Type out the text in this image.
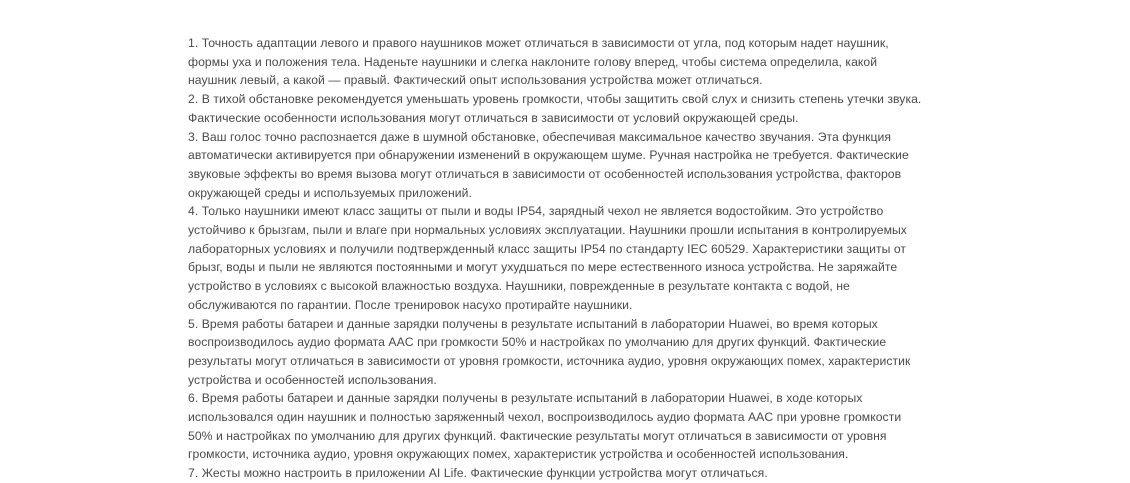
1. Точность адаптации левого и правого наушников может отличаться в зависимости от угла, под которым надет наушник, формы уха и положения тела. Наденьте наушники и слегка наклоните голову вперед, чтобы система определила, какой наушник левый, а какой — правый. Фактический опыт использования устройства может отличаться.

2. В тихой обстановке рекомендуется уменьшать уровень громкости, чтобы защитить свой слух и снизить степень утечки звука. Фактические особенности использования могут отличаться в зависимости от условий окружающей среды.

3. Ваш голос точно распознается даже в шумной обстановке, обеспечивая максимальное качество звучания. Эта функция автоматически активируется при обнаружении изменений в окружающем шуме. Ручная настройка не требуется. Фактические звуковые эффекты во время вызова могут отличаться в зависимости от особенностей использования устройства, факторов окружающей среды и используемых приложений.

4. Только наушники имеют класс защиты от пыли и воды IP54, зарядный чехол не является водостойким. Это устройство устойчиво к брызгам, пыли и влаге при нормальных условиях эксплуатации. Наушники прошли испытания в контролируемых лабораторных условиях и получили подтвержденный класс защиты IP54 по стандарту IEC 60529. Характеристики защиты от брызг, воды и пыли не являются постоянными и могут ухудшаться по мере естественного износа устройства. Не заряжайте устройство в условиях с высокой влажностью воздуха. Наушники, поврежденные в результате контакта с водой, не обслуживаются по гарантии. После тренировок насухо протирайте наушники.

5. Время работы батареи и данные зарядки получены в результате испытаний в лаборатории Huawei, во время которых воспроизводилось аудио формата AAC при громкости 50% и настройках по умолчанию для других функций. Фактические результаты могут отличаться в зависимости от уровня громкости, источника аудио, уровня окружающих помех, характеристик устройства и особенностей использования.

6. Время работы батареи и данные зарядки получены в результате испытаний в лаборатории Huawei, в ходе которых использовался один наушник и полностью заряженный чехол, воспроизводилось аудио формата AAC при уровне громкости 50% и настройках по умолчанию для других функций. Фактические результаты могут отличаться в зависимости от уровня громкости, источника аудио, уровня окружающих помех, характеристик устройства и особенностей использования.

7. Жесты можно настроить в приложении AI Life. Фактические функции устройства могут отличаться.
